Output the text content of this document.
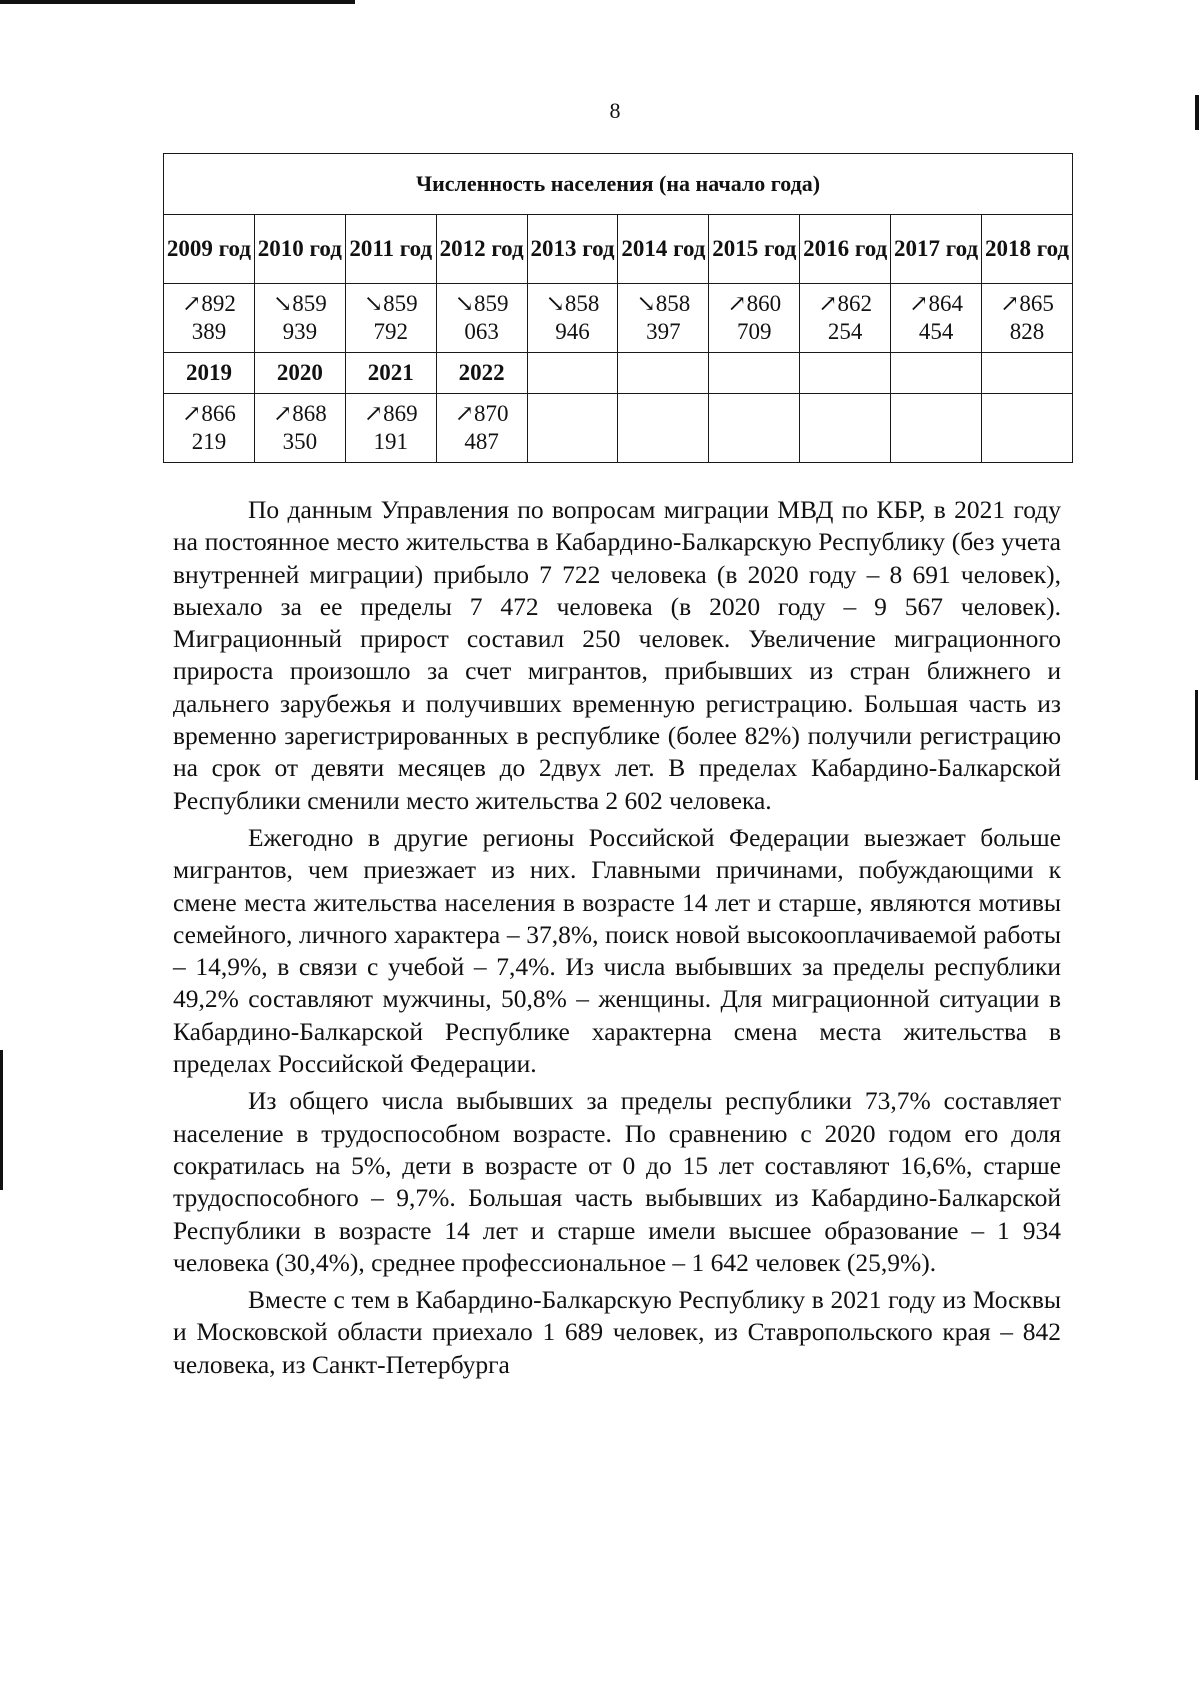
8
Численность населения (на начало года)									
2009 год	2010 год	2011 год	2012 год	2013 год	2014 год	2015 год	2016 год	2017 год	2018 год
↗892 389	↘859 939	↘859 792	↘859 063	↘858 946	↘858 397	↗860 709	↗862 254	↗864 454	↗865 828
2019	2020	2021	2022						
↗866 219	↗868 350	↗869 191	↗870 487						

По данным Управления по вопросам миграции МВД по КБР, в 2021 году на постоянное место жительства в Кабардино-Балкарскую Республику (без учета внутренней миграции) прибыло 7 722 человека (в 2020 году – 8 691 человек), выехало за ее пределы 7 472 человека (в 2020 году – 9 567 человек). Миграционный прирост составил 250 человек. Увеличение миграционного прироста произошло за счет мигрантов, прибывших из стран ближнего и дальнего зарубежья и получивших временную регистрацию. Большая часть из временно зарегистрированных в республике (более 82%) получили регистрацию на срок от девяти месяцев до 2двух лет. В пределах Кабардино-Балкарской Республики сменили место жительства 2 602 человека.

Ежегодно в другие регионы Российской Федерации выезжает больше мигрантов, чем приезжает из них. Главными причинами, побуждающими к смене места жительства населения в возрасте 14 лет и старше, являются мотивы семейного, личного характера – 37,8%, поиск новой высокооплачиваемой работы – 14,9%, в связи с учебой – 7,4%. Из числа выбывших за пределы республики 49,2% составляют мужчины, 50,8% – женщины. Для миграционной ситуации в Кабардино-Балкарской Республике характерна смена места жительства в пределах Российской Федерации.

Из общего числа выбывших за пределы республики 73,7% составляет население в трудоспособном возрасте. По сравнению с 2020 годом его доля сократилась на 5%, дети в возрасте от 0 до 15 лет составляют 16,6%, старше трудоспособного – 9,7%. Большая часть выбывших из Кабардино-Балкарской Республики в возрасте 14 лет и старше имели высшее образование – 1 934 человека (30,4%), среднее профессиональное – 1 642 человек (25,9%).

Вместе с тем в Кабардино-Балкарскую Республику в 2021 году из Москвы и Московской области приехало 1 689 человек, из Ставропольского края – 842 человека, из Санкт-Петербурга
